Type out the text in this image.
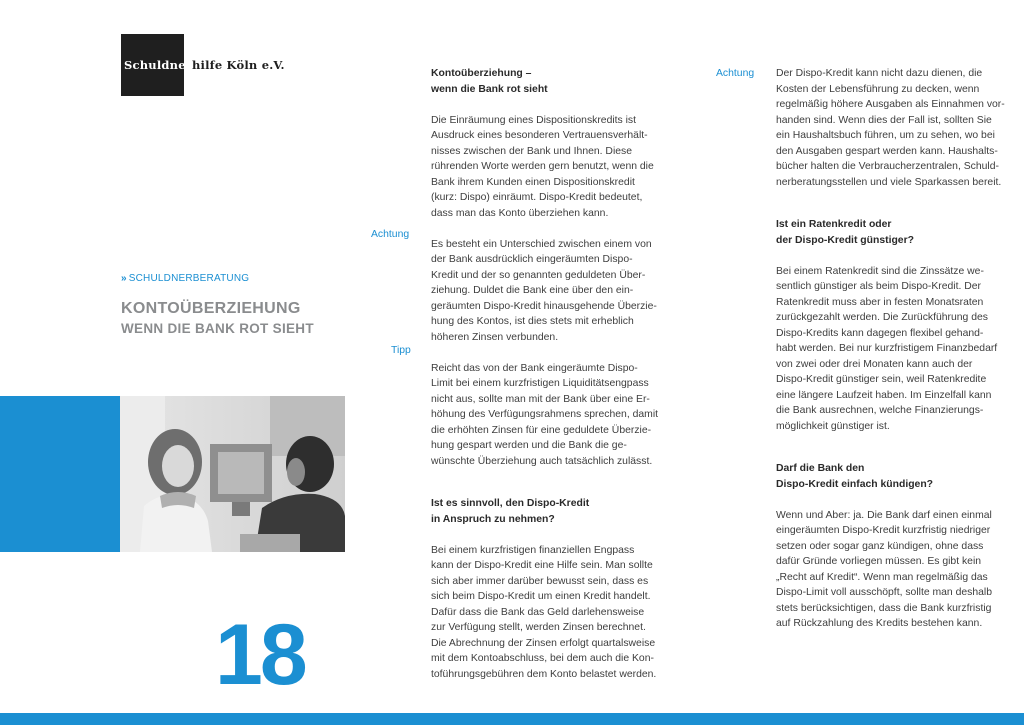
Schuldnerhilfe Köln e.V.
» SCHULDNERBERATUNG
KONTOÜBERZIEHUNG
WENN DIE BANK ROT SIEHT
18
Achtung
Tipp
Kontoüberziehung –
wenn die Bank rot sieht

Die Einräumung eines Dispositionskredits ist
Ausdruck eines besonderen Vertrauensverhält-
nisses zwischen der Bank und Ihnen. Diese
rührenden Worte werden gern benutzt, wenn die
Bank ihrem Kunden einen Dispositionskredit
(kurz: Dispo) einräumt. Dispo-Kredit bedeutet,
dass man das Konto überziehen kann.

Es besteht ein Unterschied zwischen einem von
der Bank ausdrücklich eingeräumten Dispo-
Kredit und der so genannten geduldeten Über-
ziehung. Duldet die Bank eine über den ein-
geräumten Dispo-Kredit hinausgehende Überzie-
hung des Kontos, ist dies stets mit erheblich
höheren Zinsen verbunden.

Reicht das von der Bank eingeräumte Dispo-
Limit bei einem kurzfristigen Liquiditätsengpass
nicht aus, sollte man mit der Bank über eine Er-
höhung des Verfügungsrahmens sprechen, damit
die erhöhten Zinsen für eine geduldete Überzie-
hung gespart werden und die Bank die ge-
wünschte Überziehung auch tatsächlich zulässt.

Ist es sinnvoll, den Dispo-Kredit
in Anspruch zu nehmen?

Bei einem kurzfristigen finanziellen Engpass
kann der Dispo-Kredit eine Hilfe sein. Man sollte
sich aber immer darüber bewusst sein, dass es
sich beim Dispo-Kredit um einen Kredit handelt.
Dafür dass die Bank das Geld darlehensweise
zur Verfügung stellt, werden Zinsen berechnet.
Die Abrechnung der Zinsen erfolgt quartalsweise
mit dem Kontoabschluss, bei dem auch die Kon-
toführungsgebühren dem Konto belastet werden.

Achtung Der Dispo-Kredit kann nicht dazu dienen, die
Kosten der Lebensführung zu decken, wenn
regelmäßig höhere Ausgaben als Einnahmen vor-
handen sind. Wenn dies der Fall ist, sollten Sie
ein Haushaltsbuch führen, um zu sehen, wo bei
den Ausgaben gespart werden kann. Haushalts-
bücher halten die Verbraucherzentralen, Schuld-
nerberatungsstellen und viele Sparkassen bereit.

Ist ein Ratenkredit oder
der Dispo-Kredit günstiger?

Bei einem Ratenkredit sind die Zinssätze we-
sentlich günstiger als beim Dispo-Kredit. Der
Ratenkredit muss aber in festen Monatsraten
zurückgezahlt werden. Die Zurückführung des
Dispo-Kredits kann dagegen flexibel gehand-
habt werden. Bei nur kurzfristigem Finanzbedarf
von zwei oder drei Monaten kann auch der
Dispo-Kredit günstiger sein, weil Ratenkredite
eine längere Laufzeit haben. Im Einzelfall kann
die Bank ausrechnen, welche Finanzierungs-
möglichkeit günstiger ist.

Darf die Bank den
Dispo-Kredit einfach kündigen?

Wenn und Aber: ja. Die Bank darf einen einmal
eingeräumten Dispo-Kredit kurzfristig niedriger
setzen oder sogar ganz kündigen, ohne dass
dafür Gründe vorliegen müssen. Es gibt kein
„Recht auf Kredit“. Wenn man regelmäßig das
Dispo-Limit voll ausschöpft, sollte man deshalb
stets berücksichtigen, dass die Bank kurzfristig
auf Rückzahlung des Kredits bestehen kann.
